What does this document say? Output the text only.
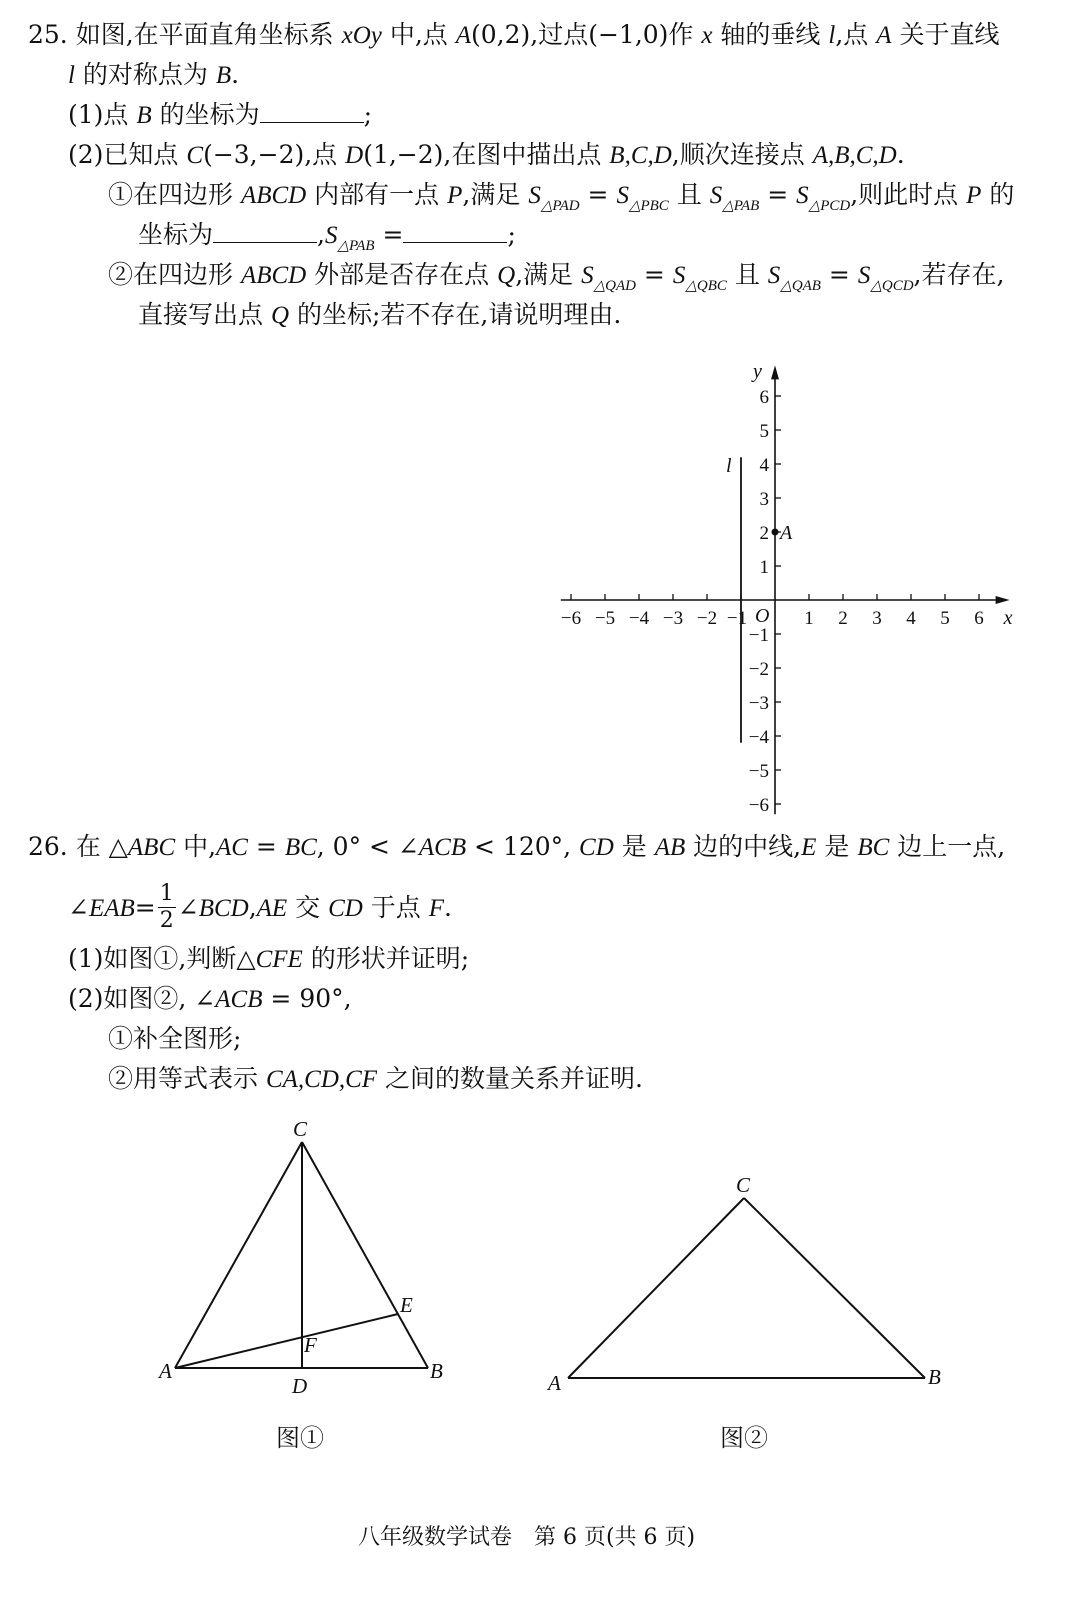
25. 如图,在平面直角坐标系 xOy 中,点 A(0,2),过点(−1,0)作 x 轴的垂线 l,点 A 关于直线
l 的对称点为 B.
(1)点 B 的坐标为	;
(2)已知点 C(−3,−2),点 D(1,−2),在图中描出点 B,C,D,顺次连接点 A,B,C,D.
①在四边形 ABCD 内部有一点 P,满足 $S_{\triangle PAD} = S_{\triangle PBC}$ 且 $S_{\triangle PAB} = S_{\triangle PCD}$,则此时点 P 的
坐标为	$,S_{\triangle PAB}$ =	;
②在四边形 ABCD 外部是否存在点 Q,满足 $S_{\triangle QAD} = S_{\triangle QBC}$ 且 $S_{\triangle QAB} = S_{\triangle QCD}$,若存在,
直接写出点 Q 的坐标;若不存在,请说明理由.
−6 −5 −4 −3 −2 −1	1 2 3 4 5 6
6
5
4
3
2
1
−1
−2
−3
−4
−5
−6
x
y
O
l
A
26. 在 △ABC 中,AC = BC, 0° < ∠ACB < 120°, CD 是 AB 边的中线,E 是 BC 边上一点,
∠EAB= $\frac{1}{2}$ ∠BCD,AE 交 CD 于点 F.
(1)如图①,判断△CFE 的形状并证明;
(2)如图②, ∠ACB = 90°,
①补全图形;
②用等式表示 CA,CD,CF 之间的数量关系并证明.
C
A	B
D
E
F
图①
C
A	B
图②
八年级数学试卷　第 6 页(共 6 页)
